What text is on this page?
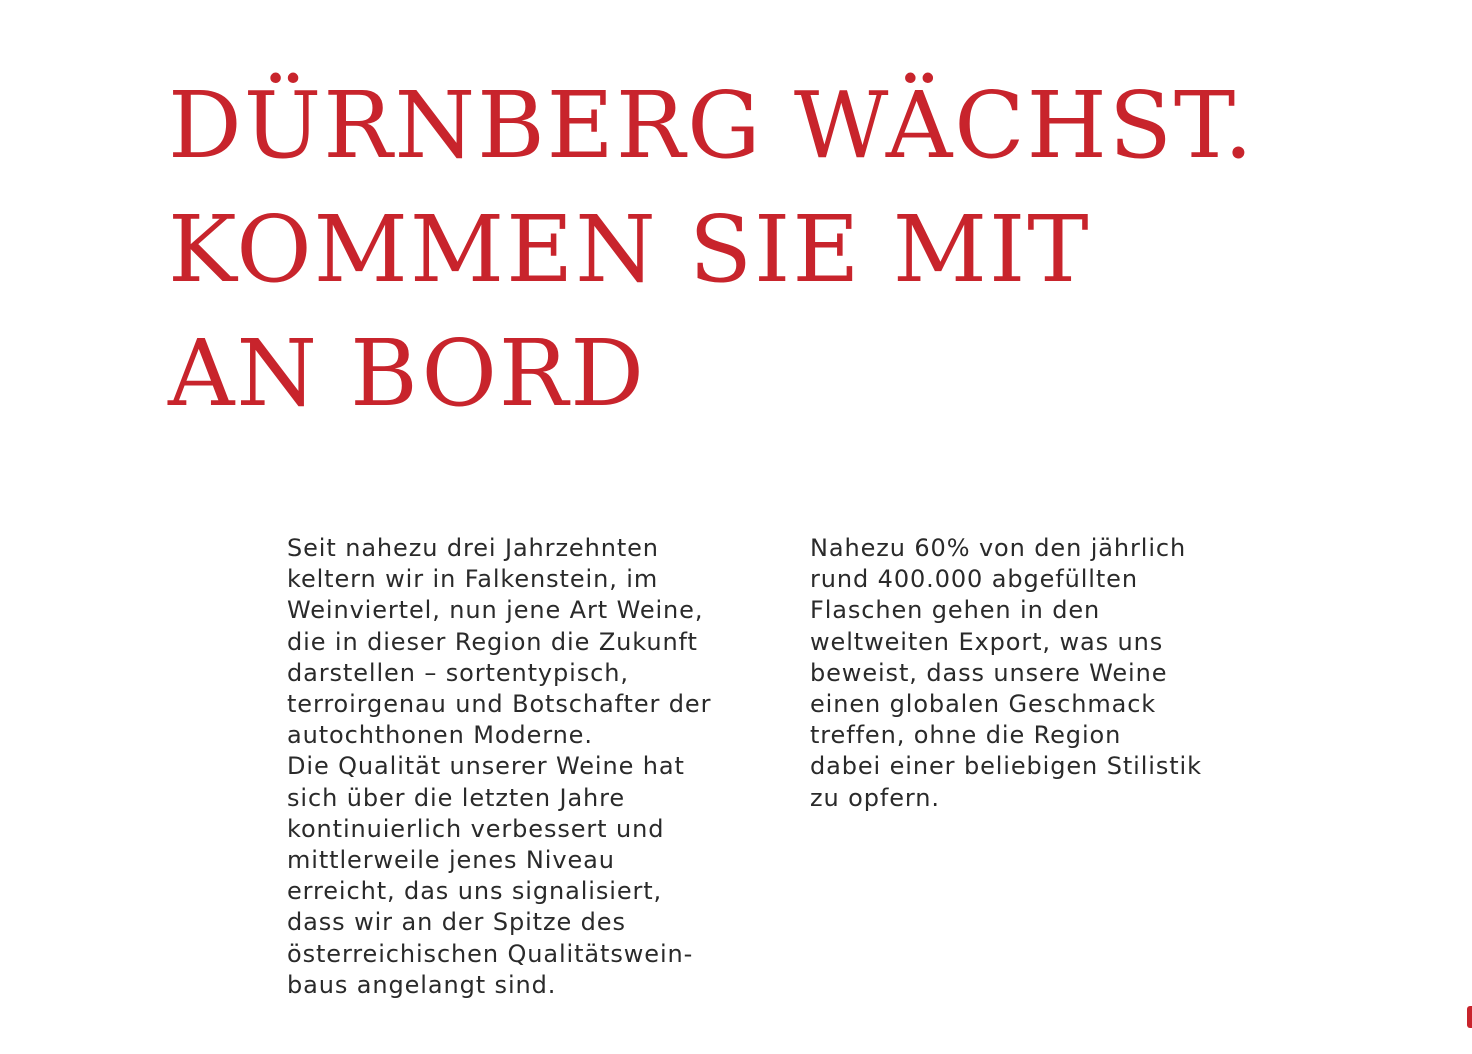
DÜRNBERG WÄCHST.
KOMMEN SIE MIT
AN BORD

Seit nahezu drei Jahrzehnten
keltern wir in Falkenstein, im
Weinviertel, nun jene Art Weine,
die in dieser Region die Zukunft
darstellen – sortentypisch,
terroirgenau und Botschafter der
autochthonen Moderne.

Die Qualität unserer Weine hat
sich über die letzten Jahre
kontinuierlich verbessert und
mittlerweile jenes Niveau
erreicht, das uns signalisiert,
dass wir an der Spitze des
österreichischen Qualitätswein-
baus angelangt sind.

Nahezu 60% von den jährlich
rund 400.000 abgefüllten
Flaschen gehen in den
weltweiten Export, was uns
beweist, dass unsere Weine
einen globalen Geschmack
treffen, ohne die Region
dabei einer beliebigen Stilistik
zu opfern.
